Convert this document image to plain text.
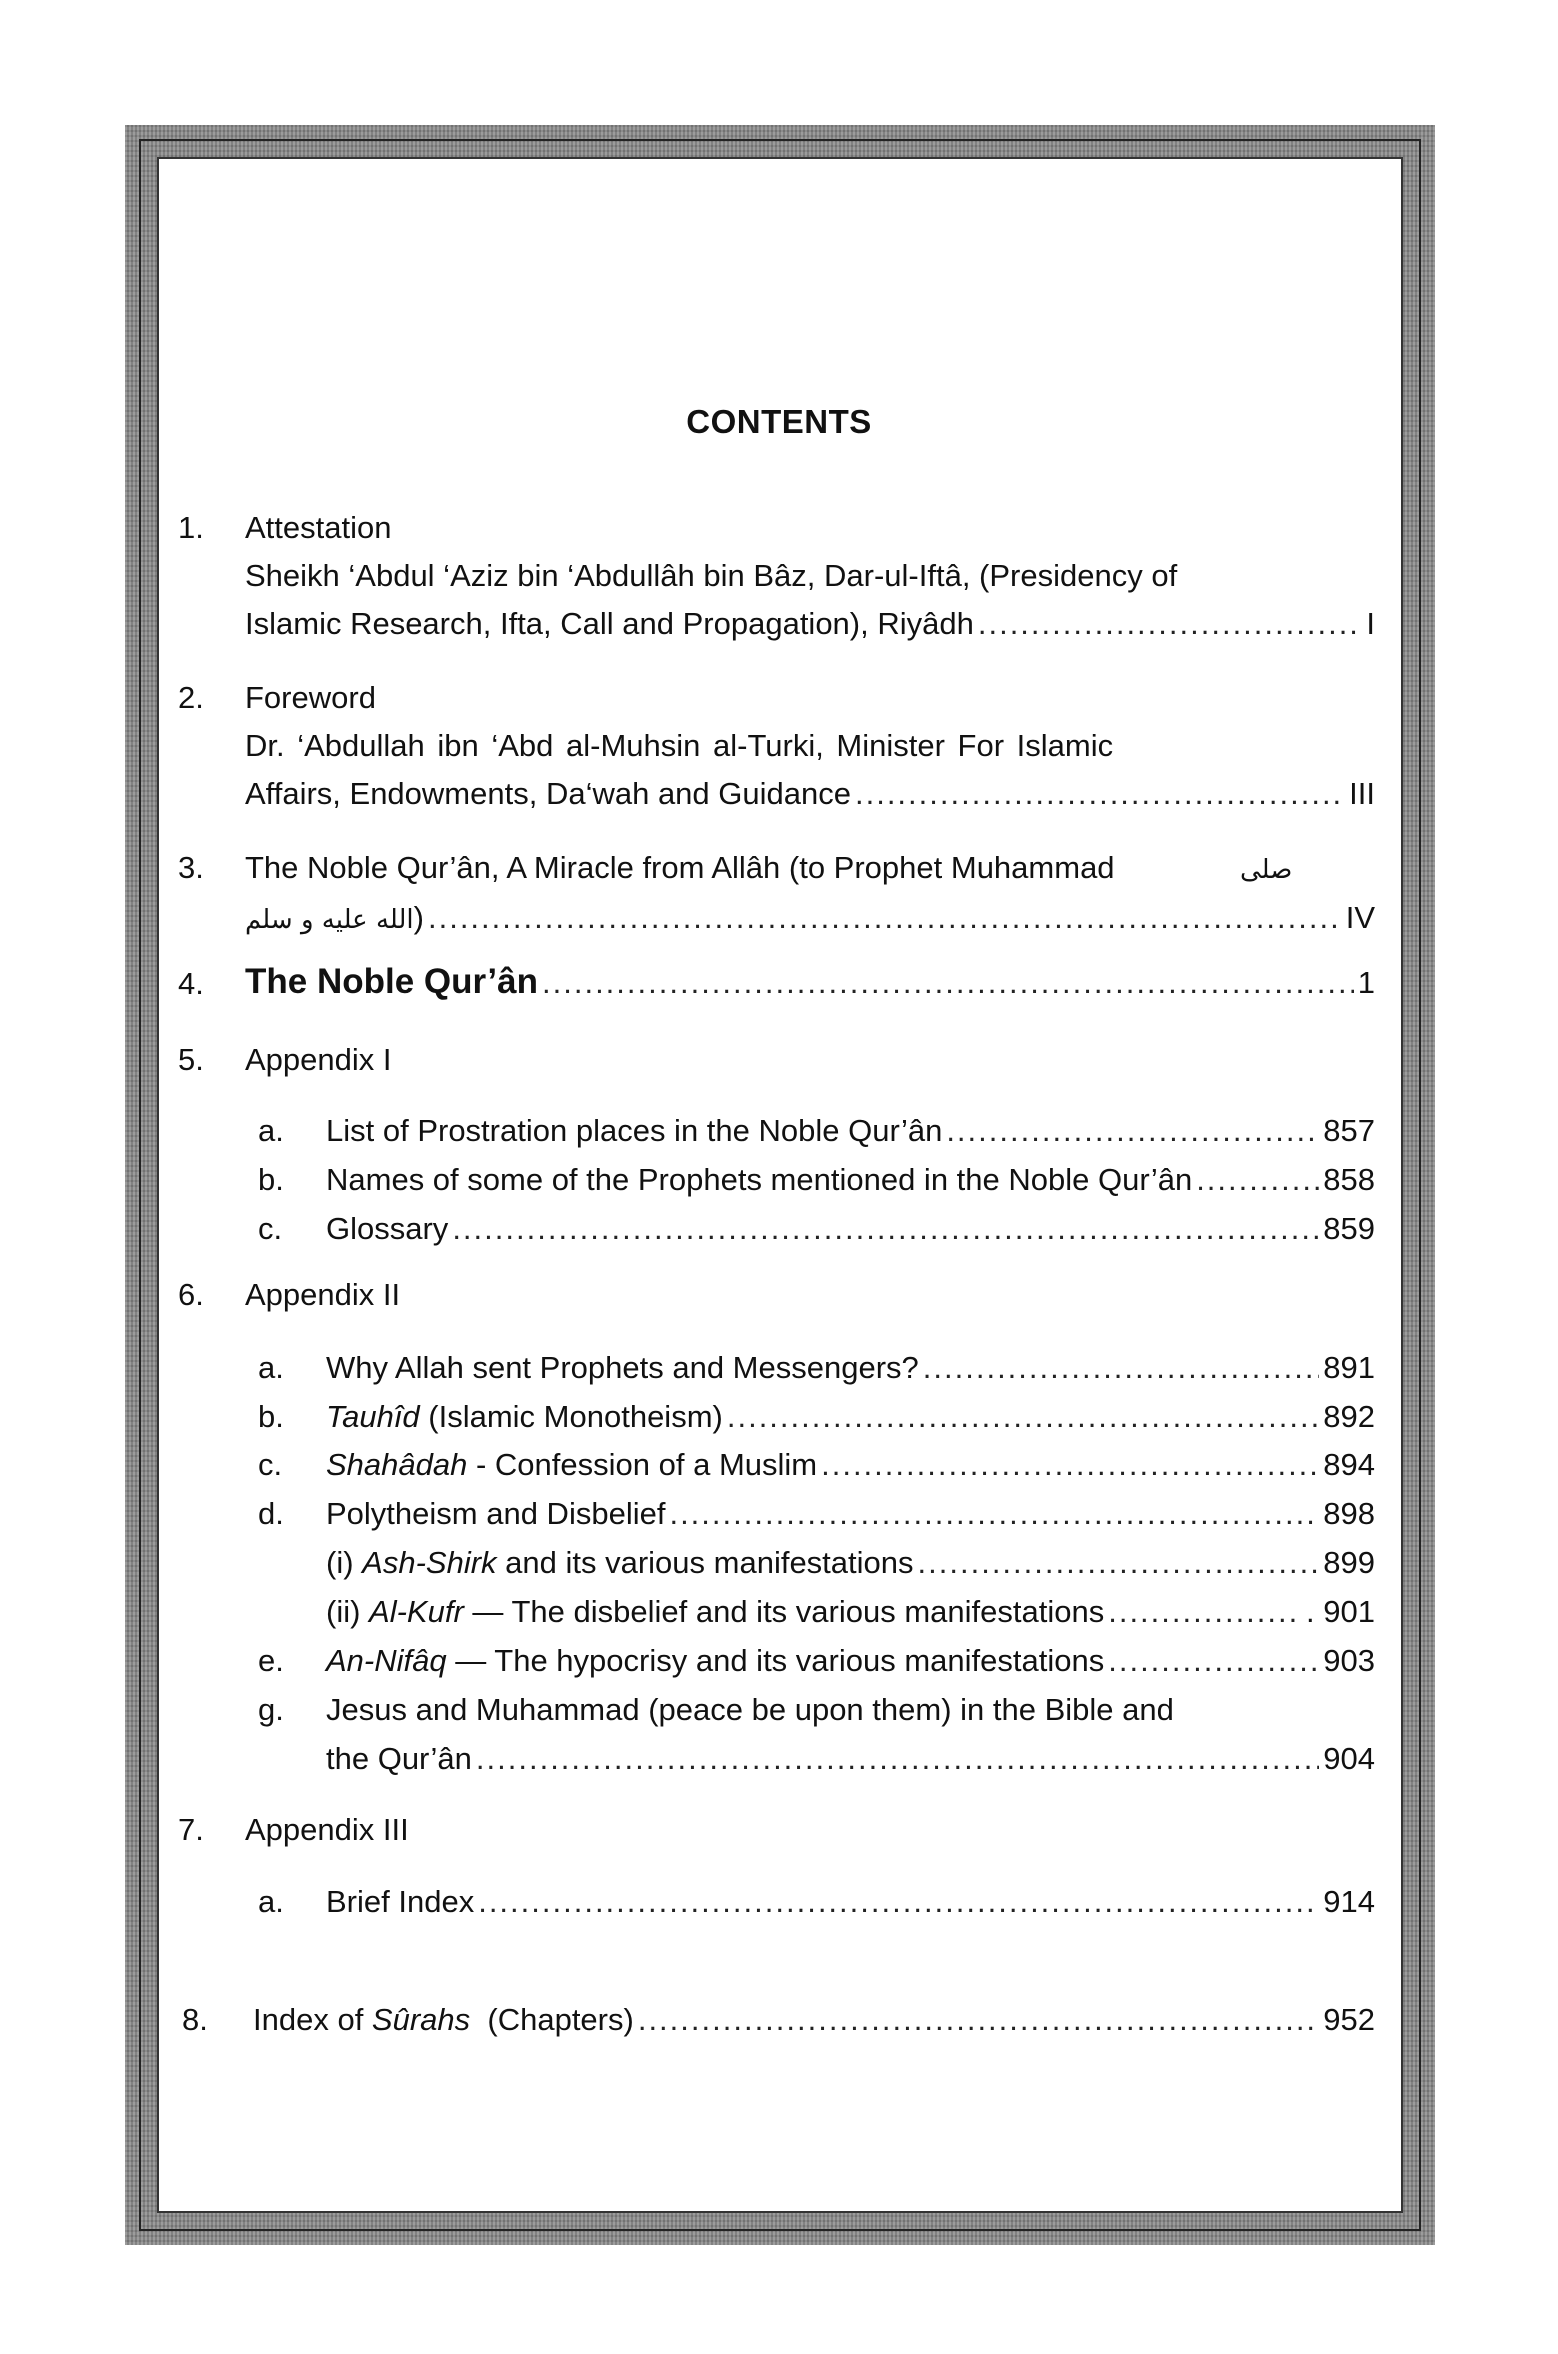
CONTENTS
1. Attestation
Sheikh ‘Abdul ‘Aziz bin ‘Abdullâh bin Bâz, Dar-ul-Iftâ, (Presidency of
Islamic Research, Ifta, Call and Propagation), Riyâdh .....	I
2. Foreword
Dr. ‘Abdullah ibn ‘Abd al-Muhsin al-Turki, Minister For Islamic
Affairs, Endowments, Da‘wah and Guidance .....	III
3. The Noble Qur’ân, A Miracle from Allâh (to Prophet Muhammad	صلى
الله عليه و سلم) .....	IV
4. The Noble Qur’ân .....	1
5. Appendix I
a. List of Prostration places in the Noble Qur’ân .....	857
b. Names of some of the Prophets mentioned in the Noble Qur’ân .....	858
c. Glossary .....	859
6. Appendix II
a. Why Allah sent Prophets and Messengers? .....	891
b. Tauhîd (Islamic Monotheism) .....	892
c. Shahâdah - Confession of a Muslim .....	894
d. Polytheism and Disbelief .....	898
(i) Ash-Shirk and its various manifestations .....	899
(ii) Al-Kufr — The disbelief and its various manifestations .....	. 901
e. An-Nifâq — The hypocrisy and its various manifestations .....	903
g. Jesus and Muhammad (peace be upon them) in the Bible and
the Qur’ân .....	904
7. Appendix III
a. Brief Index .....	914
8. Index of Sûrahs  (Chapters) .....	952
